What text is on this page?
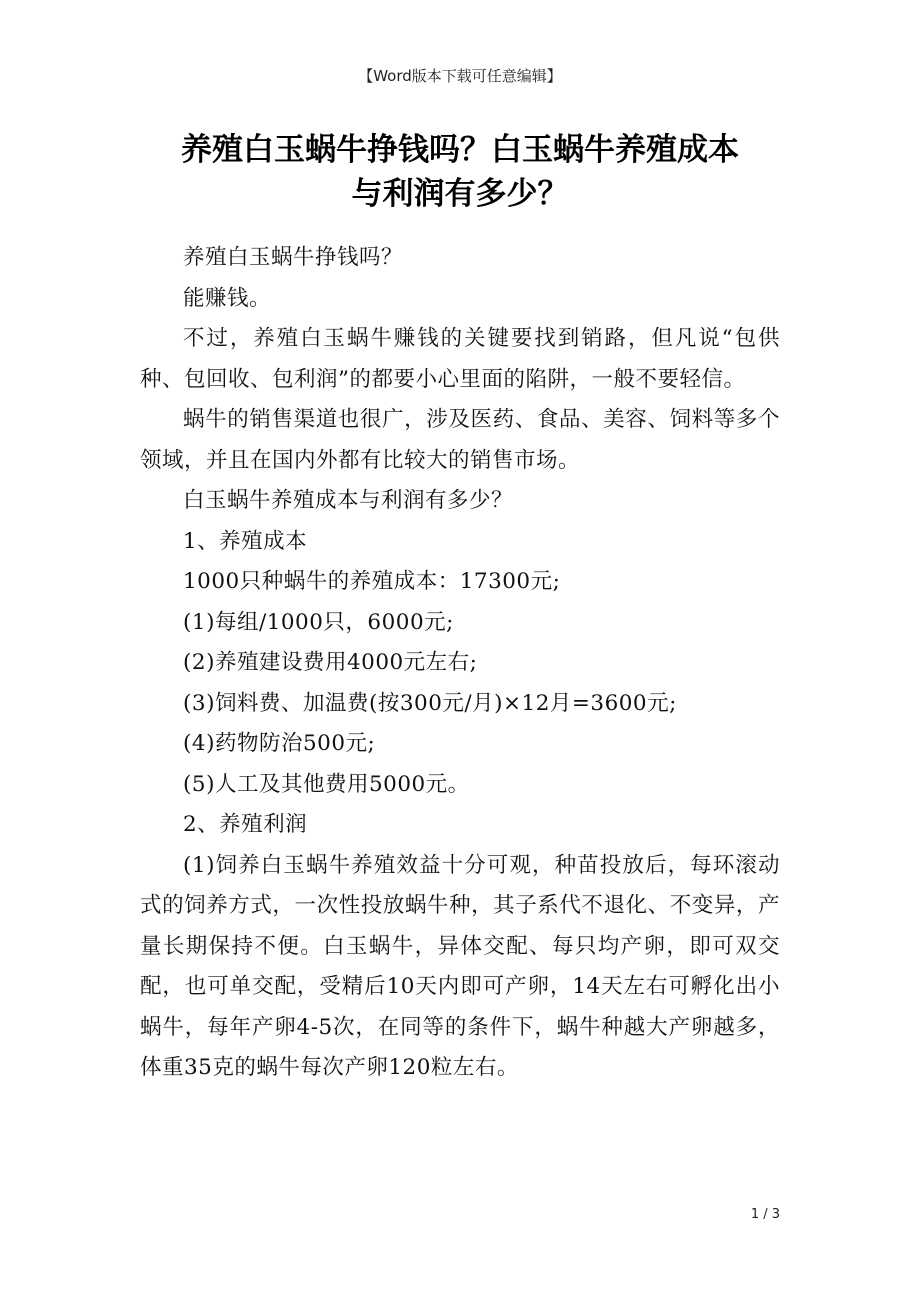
【Word版本下载可任意编辑】
养殖白玉蜗牛挣钱吗？白玉蜗牛养殖成本
与利润有多少？

养殖白玉蜗牛挣钱吗？

能赚钱。

不过，养殖白玉蜗牛赚钱的关键要找到销路，但凡说“包供种、包回收、包利润”的都要小心里面的陷阱，一般不要轻信。

蜗牛的销售渠道也很广，涉及医药、食品、美容、饲料等多个领域，并且在国内外都有比较大的销售市场。

白玉蜗牛养殖成本与利润有多少？

1、养殖成本

1000只种蜗牛的养殖成本：17300元;

(1)每组/1000只，6000元;

(2)养殖建设费用4000元左右;

(3)饲料费、加温费(按300元/月)×12月=3600元;

(4)药物防治500元;

(5)人工及其他费用5000元。

2、养殖利润

(1)饲养白玉蜗牛养殖效益十分可观，种苗投放后，每环滚动式的饲养方式，一次性投放蜗牛种，其子系代不退化、不变异，产量长期保持不便。白玉蜗牛，异体交配、每只均产卵，即可双交配，也可单交配，受精后10天内即可产卵，14天左右可孵化出小蜗牛，每年产卵4-5次，在同等的条件下，蜗牛种越大产卵越多，体重35克的蜗牛每次产卵120粒左右。

1 / 3
